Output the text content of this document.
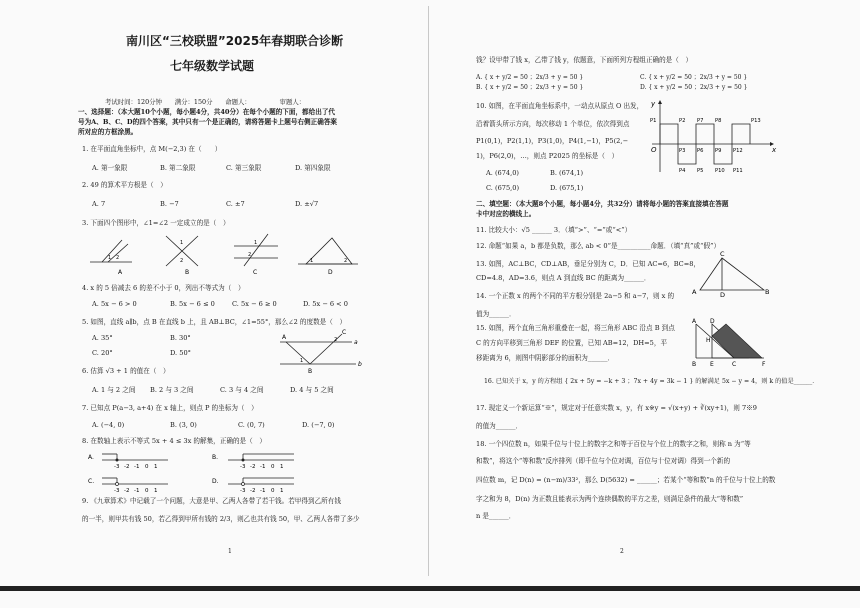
南川区“三校联盟”2025年春期联合诊断
七年级数学试题
考试时间：120分钟　　满分：150分　　命题人：　　　　　审题人：
一、选择题：（本大题10个小题，每小题4分，共40分）在每个小题的下面，都给出了代
号为A、B、C、D的四个答案，其中只有一个是正确的，请将答题卡上题号右侧正确答案
所对应的方框涂黑。
1. 在平面直角坐标中，点 M(−2,3) 在（　　）
A. 第一象限	B. 第二象限	C. 第三象限	D. 第四象限
2. 49 的算术平方根是（　）
A. 7	B. −7	C. ±7	D. ±√7
3. 下面四个图形中，∠1=∠2 一定成立的是（　）
1 2
A
1
2
B
1
2
C
1	2
D
4. x 的 5 倍减去 6 的差不小于 0，列出不等式为（　）
A. 5x − 6 > 0	B. 5x − 6 ≤ 0	C. 5x − 6 ≥ 0	D. 5x − 6 < 0
5. 如图，直线 a∥b，点 B 在直线 b 上，且 AB⊥BC，∠1=55°，那么∠2 的度数是（　）
A. 35°	B. 30°
C. 20°	D. 50°
A
B
C
a
b
1
2
6. 估算 √3 + 1 的值在（　）
A. 1 与 2 之间 B. 2 与 3 之间	C. 3 与 4 之间	D. 4 与 5 之间
7. 已知点 P(a−3, a+4) 在 x 轴上，则点 P 的坐标为（　）
A. (−4, 0)	B. (3, 0)	C. (0, 7)	D. (−7, 0)
8. 在数轴上表示不等式 5x + 4 ≤ 3x 的解集，正确的是（　）
A.
-3 -2 -1 0 1
B.
-3 -2 -1 0 1
C.
-3 -2 -1 0 1
D.
-3 -2 -1 0 1
9. 《九章算术》中记载了一个问题，大意是甲、乙两人各带了若干钱。若甲得到乙所有钱
的一半，则甲共有钱 50，若乙得到甲所有钱的 2/3，则乙也共有钱 50，甲、乙两人各带了多少
1
钱？设甲带了钱 x，乙带了钱 y，依题意，下面所列方程组正确的是（　）
A. { x + y/2 = 50 ；2x/3 + y = 50 }
B. { x + y/2 = 50 ；2x/3 + y = 50 }
C. { x + y/2 = 50 ；2x/3 + y = 50 }
D. { x + y/2 = 50 ；2x/3 + y = 50 }
10. 如图，在平面直角坐标系中，一动点从原点 O 出发，
沿着箭头所示方向，每次移动 1 个单位，依次得到点
P1(0,1)，P2(1,1)，P3(1,0)，P4(1,−1)，P5(2,−
1)，P6(2,0)，…，则点 P2025 的坐标是（　）
A. (674,0)	B. (674,1)
C. (675,0)	D. (675,1)
y
x
O
P1	P2
P3
P4 P5
P6
P7 P8
P9
P10 P11
P12
P13
二、填空题：（本大题8个小题，每小题4分，共32分）请将每小题的答案直接填在答题
卡中对应的横线上。
11. 比较大小：√5 ______ 3．（填“>”、“=”或“<”）
12. 命题“如果 a，b 都是负数，那么 ab < 0”是__________命题．（填“真”或“假”）
13. 如图，AC⊥BC，CD⊥AB，垂足分别为 C，D．已知 AC=6，BC=8，
CD=4.8，AD=3.6，则点 A 到直线 BC 的距离为______．
A
C
D	B
14. 一个正数 x 的两个不同的平方根分别是 2a−5 和 a−7，则 x 的
值为______．
15. 如图，两个直角三角形重叠在一起，将三角形 ABC 沿点 B 到点
C 的方向平移到三角形 DEF 的位置，已知 AB=12，DH=5，平
移距离为 6，则图中阴影部分的面积为______．
A D
H
B E	C	F
16. 已知关于 x，y 的方程组 { 2x + 5y = −k + 3 ；7x + 4y = 3k − 1 } 的解满足 5x − y = 4，则 k 的值是______．
17. 现定义一个新运算“※”，规定对于任意实数 x，y，有 x※y = √(x+y) + ∛(xy+1)，则 7※9
的值为______．
18. 一个四位数 n，如果千位与十位上的数字之和等于百位与个位上的数字之和，则称 n 为“等
和数”，将这个“等和数”反序排列（即千位与个位对调，百位与十位对调）得到一个新的
四位数 m，记 D(n) = (n−m)/33²，那么 D(5632) = ______；若某个“等和数”n 的千位与十位上的数
字之和为 8，D(n) 为正数且能表示为两个连续偶数的平方之差，则满足条件的最大“等和数”
n 是______．
2
